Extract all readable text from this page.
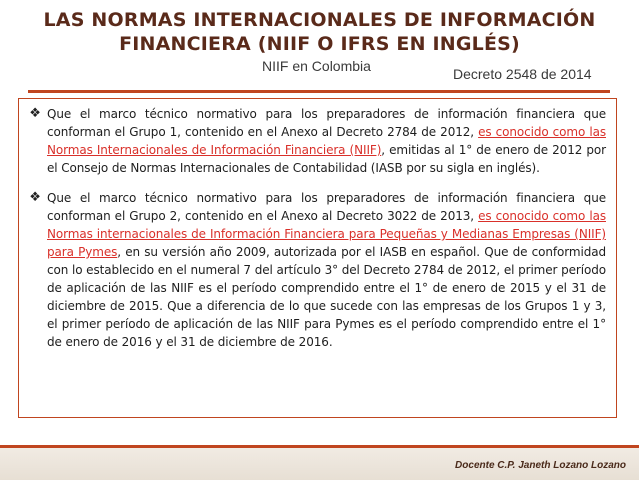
LAS NORMAS INTERNACIONALES DE INFORMACIÓN
FINANCIERA (NIIF O IFRS EN INGLÉS)
NIIF en Colombia	Decreto 2548 de 2014
❖ Que el marco técnico normativo para los preparadores de información financiera que conforman el Grupo 1, contenido en el Anexo al Decreto 2784 de 2012, es conocido como las Normas Internacionales de Información Financiera (NIIF), emitidas al 1° de enero de 2012 por el Consejo de Normas Internacionales de Contabilidad (IASB por su sigla en inglés).
❖ Que el marco técnico normativo para los preparadores de información financiera que conforman el Grupo 2, contenido en el Anexo al Decreto 3022 de 2013, es conocido como las Normas internacionales de Información Financiera para Pequeñas y Medianas Empresas (NIIF) para Pymes, en su versión año 2009, autorizada por el IASB en español. Que de conformidad con lo establecido en el numeral 7 del artículo 3° del Decreto 2784 de 2012, el primer período de aplicación de las NIIF es el período comprendido entre el 1° de enero de 2015 y el 31 de diciembre de 2015. Que a diferencia de lo que sucede con las empresas de los Grupos 1 y 3, el primer período de aplicación de las NIIF para Pymes es el período comprendido entre el 1° de enero de 2016 y el 31 de diciembre de 2016.
Docente C.P. Janeth Lozano Lozano
